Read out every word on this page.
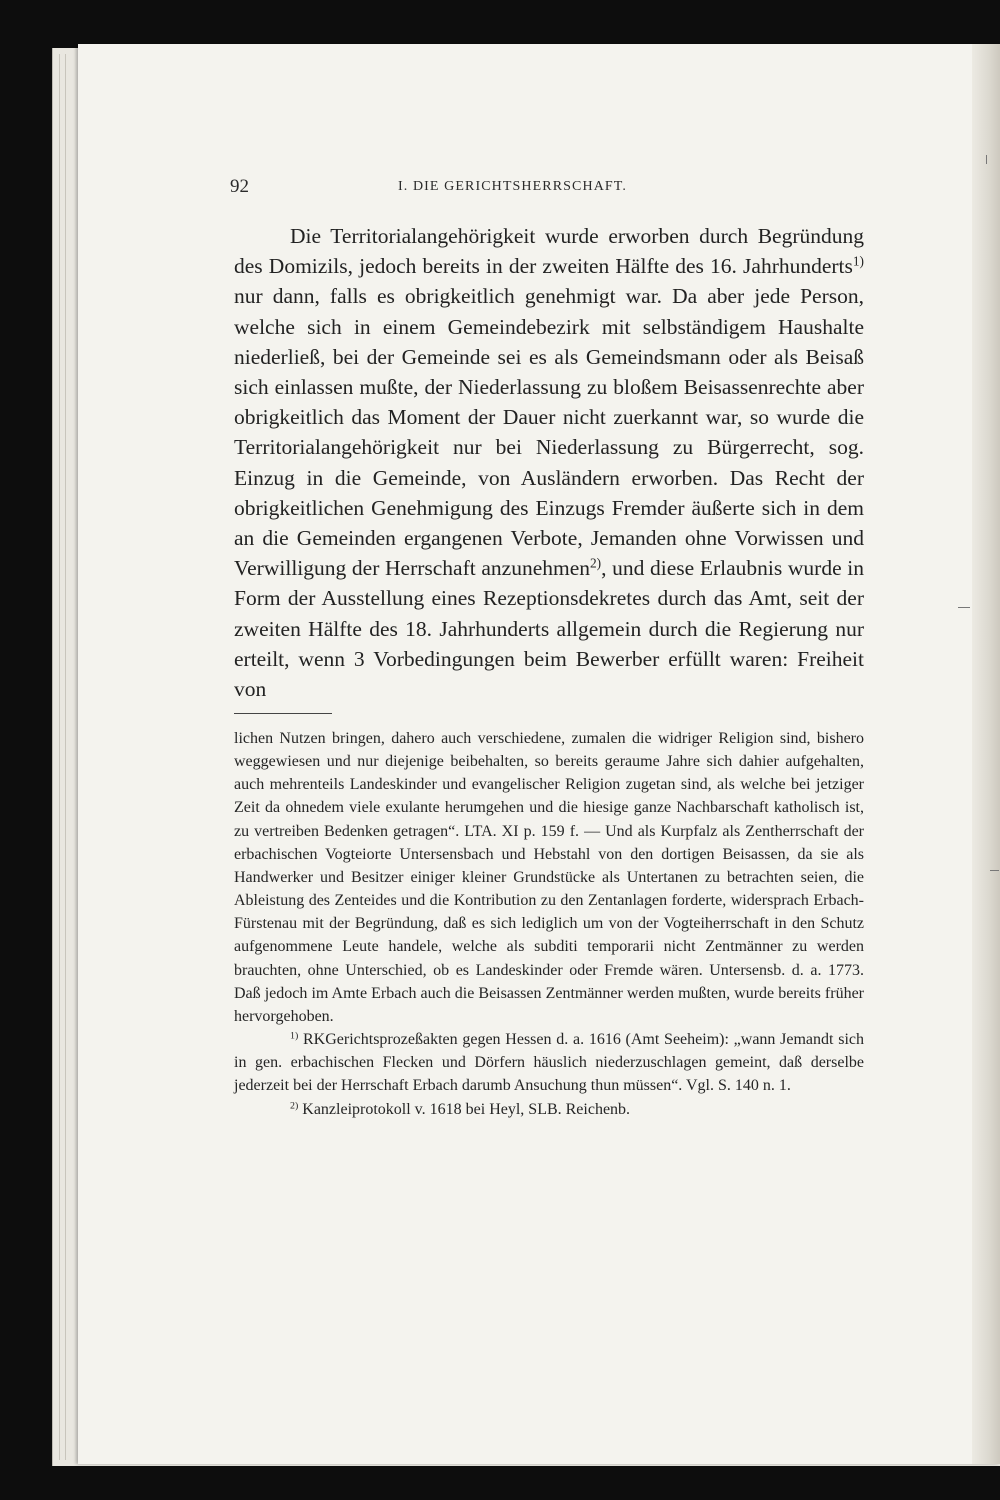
92	I. DIE GERICHTSHERRSCHAFT.

Die Territorialangehörigkeit wurde erworben durch Begründung des Domizils, jedoch bereits in der zweiten Hälfte des 16. Jahrhunderts$^{1)}$ nur dann, falls es obrigkeitlich genehmigt war. Da aber jede Person, welche sich in einem Gemeindebezirk mit selbständigem Haushalte niederließ, bei der Gemeinde sei es als Gemeindsmann oder als Beisaß sich einlassen mußte, der Niederlassung zu bloßem Beisassenrechte aber obrigkeitlich das Moment der Dauer nicht zuerkannt war, so wurde die Territorialangehörigkeit nur bei Niederlassung zu Bürgerrecht, sog. Einzug in die Gemeinde, von Ausländern erworben. Das Recht der obrigkeitlichen Genehmigung des Einzugs Fremder äußerte sich in dem an die Gemeinden ergangenen Verbote, Jemanden ohne Vorwissen und Verwilligung der Herrschaft anzunehmen$^{2)}$, und diese Erlaubnis wurde in Form der Ausstellung eines Rezeptionsdekretes durch das Amt, seit der zweiten Hälfte des 18. Jahrhunderts allgemein durch die Regierung nur erteilt, wenn 3 Vorbedingungen beim Bewerber erfüllt waren: Freiheit von

lichen Nutzen bringen, dahero auch verschiedene, zumalen die widriger Religion sind, bishero weggewiesen und nur diejenige beibehalten, so bereits geraume Jahre sich dahier aufgehalten, auch mehrenteils Landeskinder und evangelischer Religion zugetan sind, als welche bei jetziger Zeit da ohnedem viele exulante herumgehen und die hiesige ganze Nachbarschaft katholisch ist, zu vertreiben Bedenken getragen“. LTA. XI p. 159 f. — Und als Kurpfalz als Zentherrschaft der erbachischen Vogteiorte Untersensbach und Hebstahl von den dortigen Beisassen, da sie als Handwerker und Besitzer einiger kleiner Grundstücke als Untertanen zu betrachten seien, die Ableistung des Zenteides und die Kontribution zu den Zentanlagen forderte, widersprach Erbach-Fürstenau mit der Begründung, daß es sich lediglich um von der Vogteiherrschaft in den Schutz aufgenommene Leute handele, welche als subditi temporarii nicht Zentmänner zu werden brauchten, ohne Unterschied, ob es Landeskinder oder Fremde wären. Untersensb. d. a. 1773. Daß jedoch im Amte Erbach auch die Beisassen Zentmänner werden mußten, wurde bereits früher hervorgehoben.

$^{1)}$ RKGerichtsprozeßakten gegen Hessen d. a. 1616 (Amt Seeheim): „wann Jemandt sich in gen. erbachischen Flecken und Dörfern häuslich niederzuschlagen gemeint, daß derselbe jederzeit bei der Herrschaft Erbach darumb Ansuchung thun müssen“. Vgl. S. 140 n. 1.

$^{2)}$ Kanzleiprotokoll v. 1618 bei Heyl, SLB. Reichenb.
